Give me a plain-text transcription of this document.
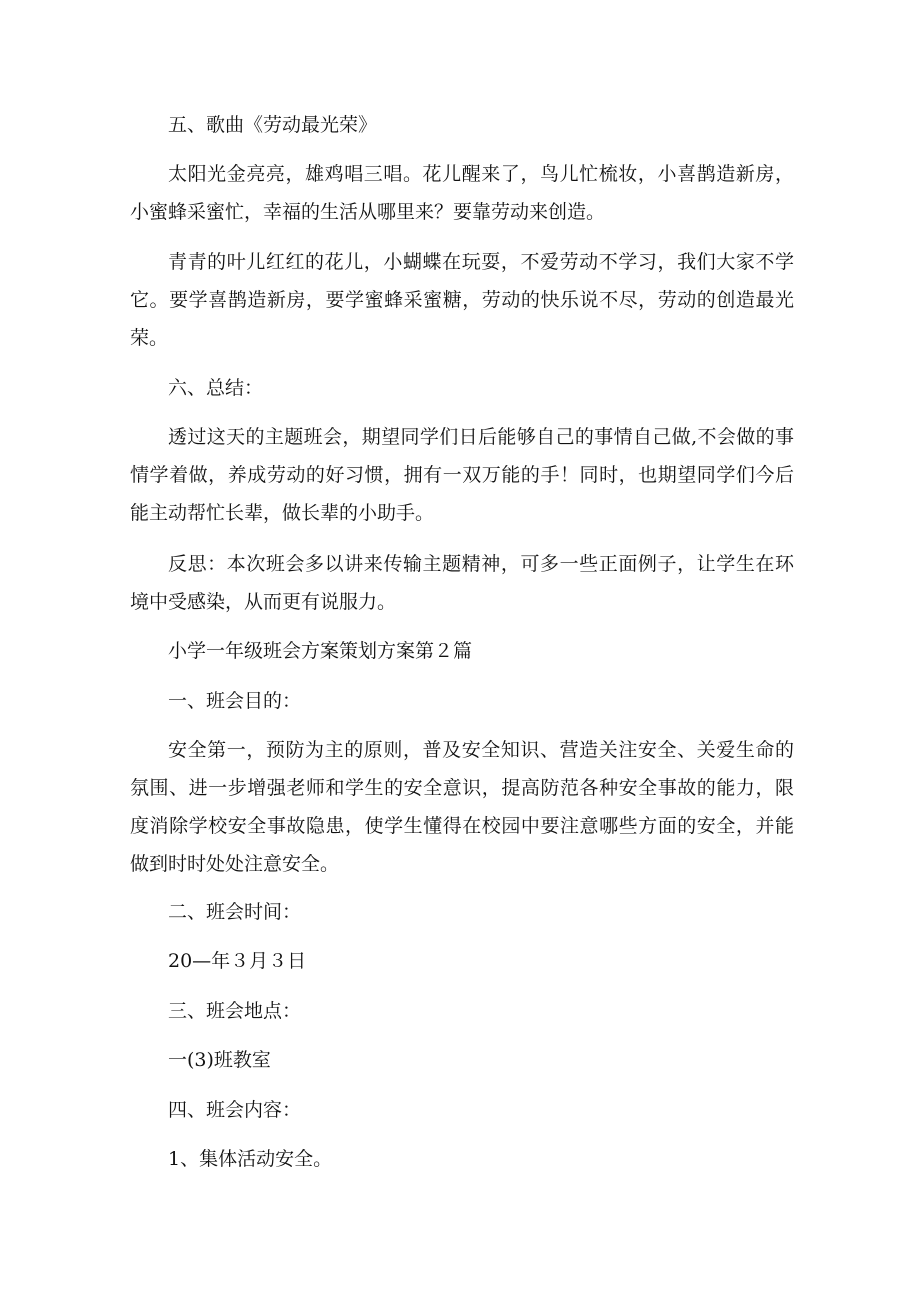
五、歌曲《劳动最光荣》

太阳光金亮亮，雄鸡唱三唱。花儿醒来了，鸟儿忙梳妆，小喜鹊造新房，小蜜蜂采蜜忙，幸福的生活从哪里来？要靠劳动来创造。

青青的叶儿红红的花儿，小蝴蝶在玩耍，不爱劳动不学习，我们大家不学它。要学喜鹊造新房，要学蜜蜂采蜜糖，劳动的快乐说不尽，劳动的创造最光荣。

六、总结：

透过这天的主题班会，期望同学们日后能够自己的事情自己做,不会做的事情学着做，养成劳动的好习惯，拥有一双万能的手！同时，也期望同学们今后能主动帮忙长辈，做长辈的小助手。

反思：本次班会多以讲来传输主题精神，可多一些正面例子，让学生在环境中受感染，从而更有说服力。

小学一年级班会方案策划方案第２篇

一、班会目的：

安全第一，预防为主的原则，普及安全知识、营造关注安全、关爱生命的氛围、进一步增强老师和学生的安全意识，提高防范各种安全事故的能力，限度消除学校安全事故隐患，使学生懂得在校园中要注意哪些方面的安全，并能做到时时处处注意安全。

二、班会时间：

20—年３月３日

三、班会地点：

一(3)班教室

四、班会内容：

1、集体活动安全。
